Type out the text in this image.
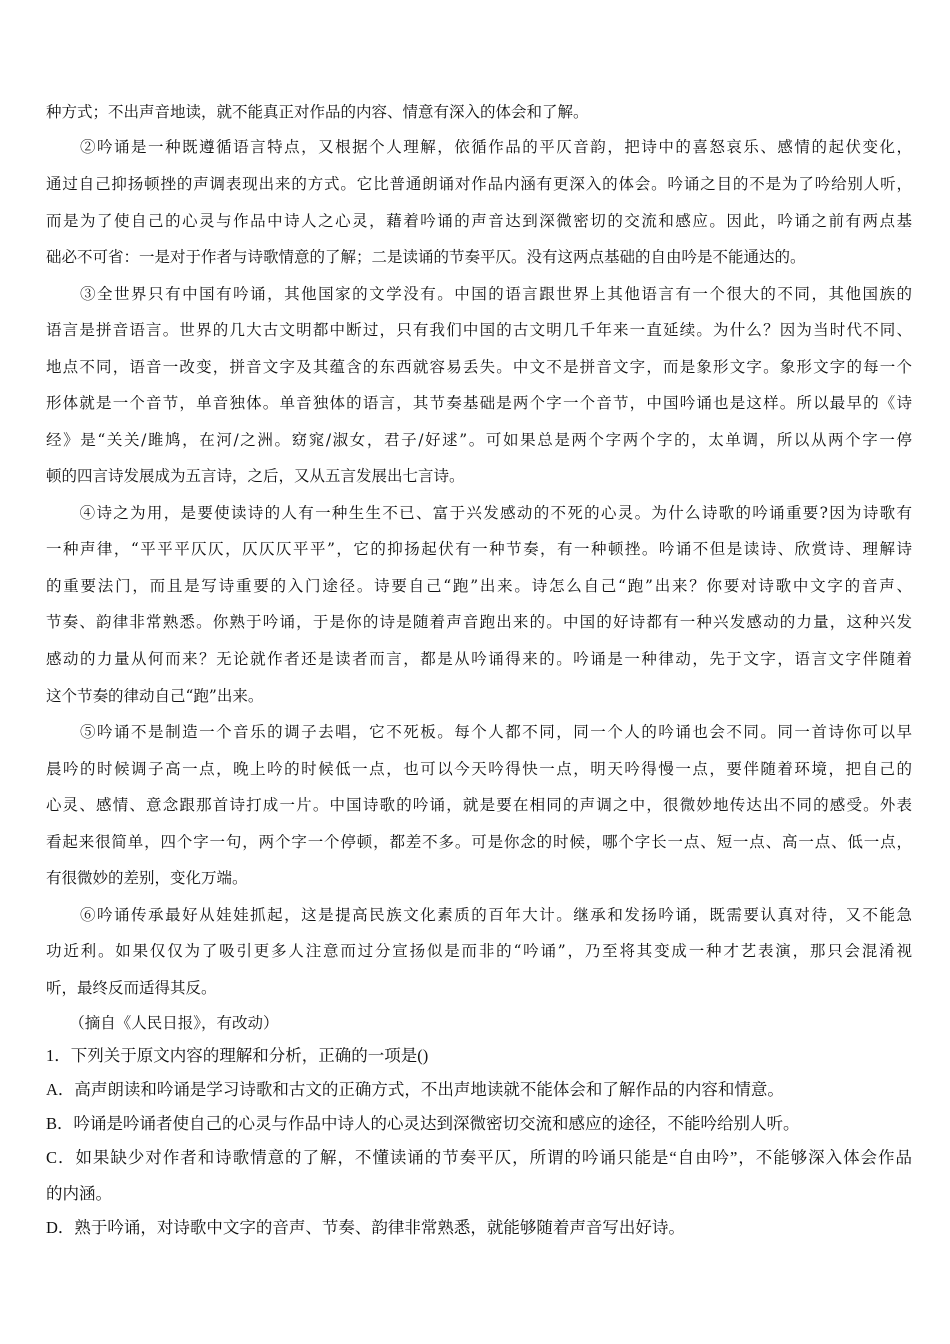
种方式；不出声音地读，就不能真正对作品的内容、情意有深入的体会和了解。
　　②吟诵是一种既遵循语言特点，又根据个人理解，依循作品的平仄音韵，把诗中的喜怒哀乐、感情的起伏变化，
通过自己抑扬顿挫的声调表现出来的方式。它比普通朗诵对作品内涵有更深入的体会。吟诵之目的不是为了吟给别人听，
而是为了使自己的心灵与作品中诗人之心灵，藉着吟诵的声音达到深微密切的交流和感应。因此，吟诵之前有两点基
础必不可省：一是对于作者与诗歌情意的了解；二是读诵的节奏平仄。没有这两点基础的自由吟是不能通达的。
　　③全世界只有中国有吟诵，其他国家的文学没有。中国的语言跟世界上其他语言有一个很大的不同，其他国族的
语言是拼音语言。世界的几大古文明都中断过，只有我们中国的古文明几千年来一直延续。为什么？因为当时代不同、
地点不同，语音一改变，拼音文字及其蕴含的东西就容易丢失。中文不是拼音文字，而是象形文字。象形文字的每一个
形体就是一个音节，单音独体。单音独体的语言，其节奏基础是两个字一个音节，中国吟诵也是这样。所以最早的《诗
经》是“关关/雎鸠，在河/之洲。窈窕/淑女，君子/好逑”。可如果总是两个字两个字的，太单调，所以从两个字一停
顿的四言诗发展成为五言诗，之后，又从五言发展出七言诗。
　　④诗之为用，是要使读诗的人有一种生生不已、富于兴发感动的不死的心灵。为什么诗歌的吟诵重要?因为诗歌有
一种声律，“平平平仄仄，仄仄仄平平”，它的抑扬起伏有一种节奏，有一种顿挫。吟诵不但是读诗、欣赏诗、理解诗
的重要法门，而且是写诗重要的入门途径。诗要自己“跑”出来。诗怎么自己“跑”出来？你要对诗歌中文字的音声、
节奏、韵律非常熟悉。你熟于吟诵，于是你的诗是随着声音跑出来的。中国的好诗都有一种兴发感动的力量，这种兴发
感动的力量从何而来？无论就作者还是读者而言，都是从吟诵得来的。吟诵是一种律动，先于文字，语言文字伴随着
这个节奏的律动自己“跑”出来。
　　⑤吟诵不是制造一个音乐的调子去唱，它不死板。每个人都不同，同一个人的吟诵也会不同。同一首诗你可以早
晨吟的时候调子高一点，晚上吟的时候低一点，也可以今天吟得快一点，明天吟得慢一点，要伴随着环境，把自己的
心灵、感情、意念跟那首诗打成一片。中国诗歌的吟诵，就是要在相同的声调之中，很微妙地传达出不同的感受。外表
看起来很简单，四个字一句，两个字一个停顿，都差不多。可是你念的时候，哪个字长一点、短一点、高一点、低一点，
有很微妙的差别，变化万端。
　　⑥吟诵传承最好从娃娃抓起，这是提高民族文化素质的百年大计。继承和发扬吟诵，既需要认真对待，又不能急
功近利。如果仅仅为了吸引更多人注意而过分宣扬似是而非的“吟诵”，乃至将其变成一种才艺表演，那只会混淆视
听，最终反而适得其反。
　　（摘自《人民日报》，有改动）
1．下列关于原文内容的理解和分析，正确的一项是()
A．高声朗读和吟诵是学习诗歌和古文的正确方式，不出声地读就不能体会和了解作品的内容和情意。
B．吟诵是吟诵者使自己的心灵与作品中诗人的心灵达到深微密切交流和感应的途径，不能吟给别人听。
C．如果缺少对作者和诗歌情意的了解，不懂读诵的节奏平仄，所谓的吟诵只能是“自由吟”，不能够深入体会作品
的内涵。
D．熟于吟诵，对诗歌中文字的音声、节奏、韵律非常熟悉，就能够随着声音写出好诗。
